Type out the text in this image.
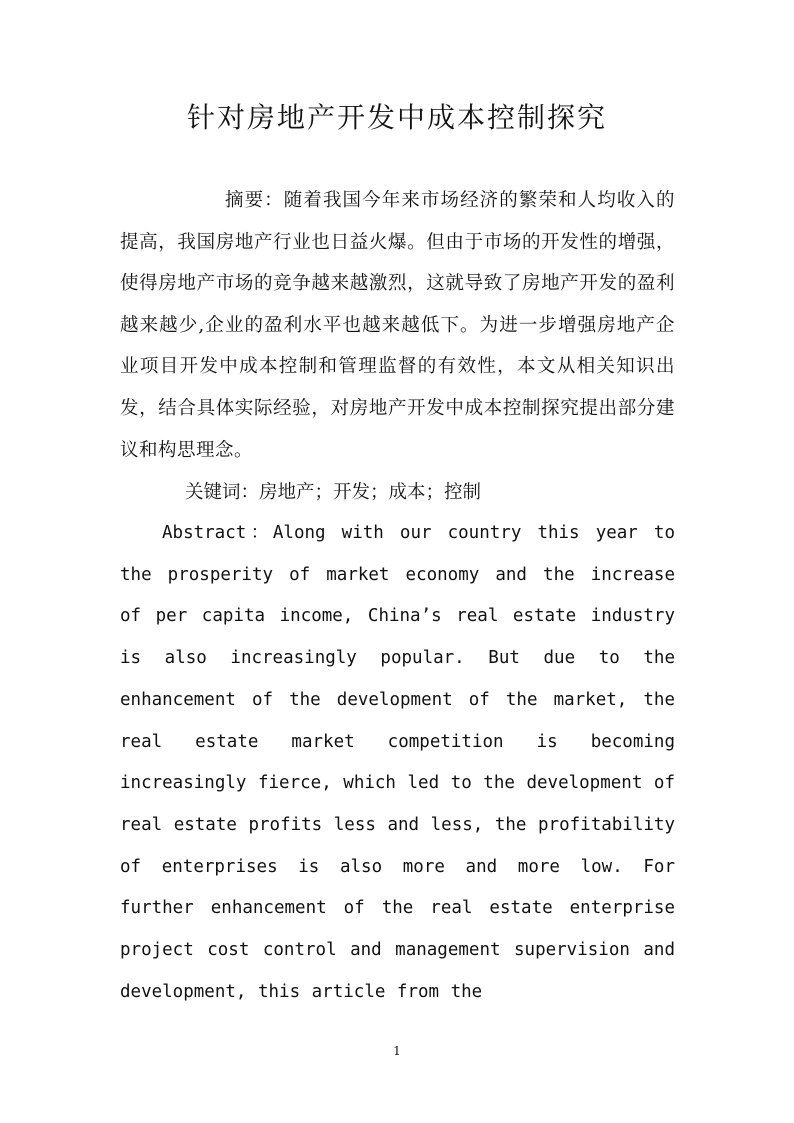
针对房地产开发中成本控制探究

摘要：随着我国今年来市场经济的繁荣和人均收入的提高，我国房地产行业也日益火爆。但由于市场的开发性的增强，使得房地产市场的竞争越来越激烈，这就导致了房地产开发的盈利越来越少,企业的盈利水平也越来越低下。为进一步增强房地产企业项目开发中成本控制和管理监督的有效性，本文从相关知识出发，结合具体实际经验，对房地产开发中成本控制探究提出部分建议和构思理念。

关键词：房地产；开发；成本；控制

Abstract：Along with our country this year to the prosperity of market economy and the increase of per capita income, China’s real estate industry is also increasingly popular. But due to the enhancement of the development of the market, the real estate market competition is becoming increasingly fierce, which led to the development of real estate profits less and less, the profitability of enterprises is also more and more low. For further enhancement of the real estate enterprise project cost control and management supervision and development, this article from the

1
